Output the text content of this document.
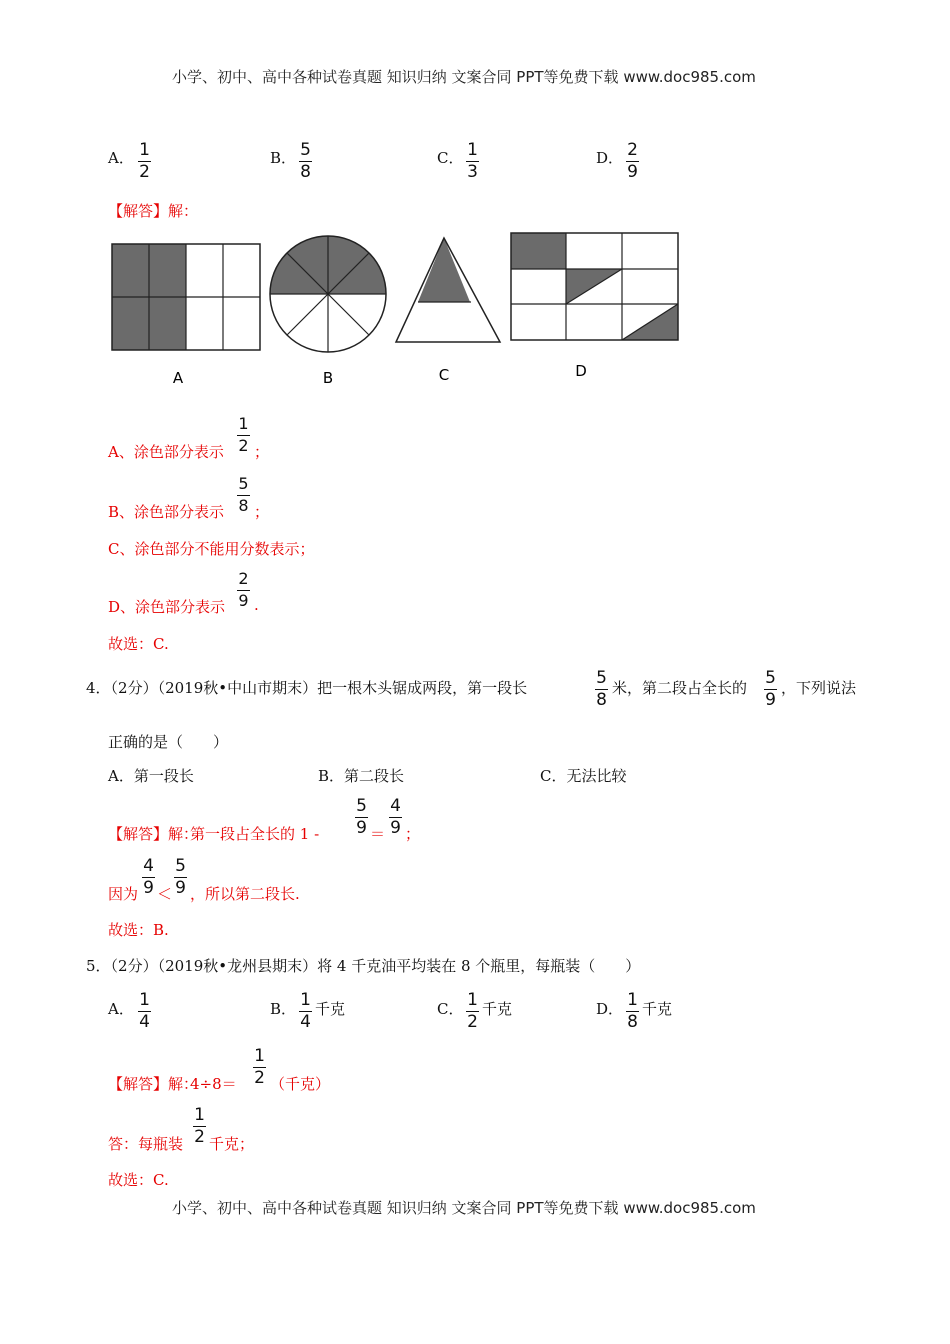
小学、初中、高中各种试卷真题 知识归纳 文案合同 PPT等免费下载 www.doc985.com
A． 1
2
B． 5
8
C． 1
3
D． 2
9
【解答】解：
A	B	C	D
A、涂色部分表示
1
2 ；
B、涂色部分表示
5
8 ；
C、涂色部分不能用分数表示；
D、涂色部分表示
2
9 .
故选：C.
4．（2分）（2019秋•中山市期末）把一根木头锯成两段，第一段长	5
8
米，第二段占全长的 5
9
，下列说法
正确的是（　　）
A．第一段长	B．第二段长	C．无法比较
【解答】解：
第一段占全长的 1 -
5
9 ＝
4
9 ；
因为
4
9 ＜
5
9 ，所以第二段长.
故选：B.
5．（2分）（2019秋•龙州县期末）将 4 千克油平均装在 8 个瓶里，每瓶装（　　）
A． 1
4
B． 1
4
千克	C． 1
2
千克	D． 1
8
千克
【解答】解：
4÷8＝
1
2 （千克）
答：每瓶装
1
2 千克；
故选：C.
小学、初中、高中各种试卷真题 知识归纳 文案合同 PPT等免费下载 www.doc985.com
